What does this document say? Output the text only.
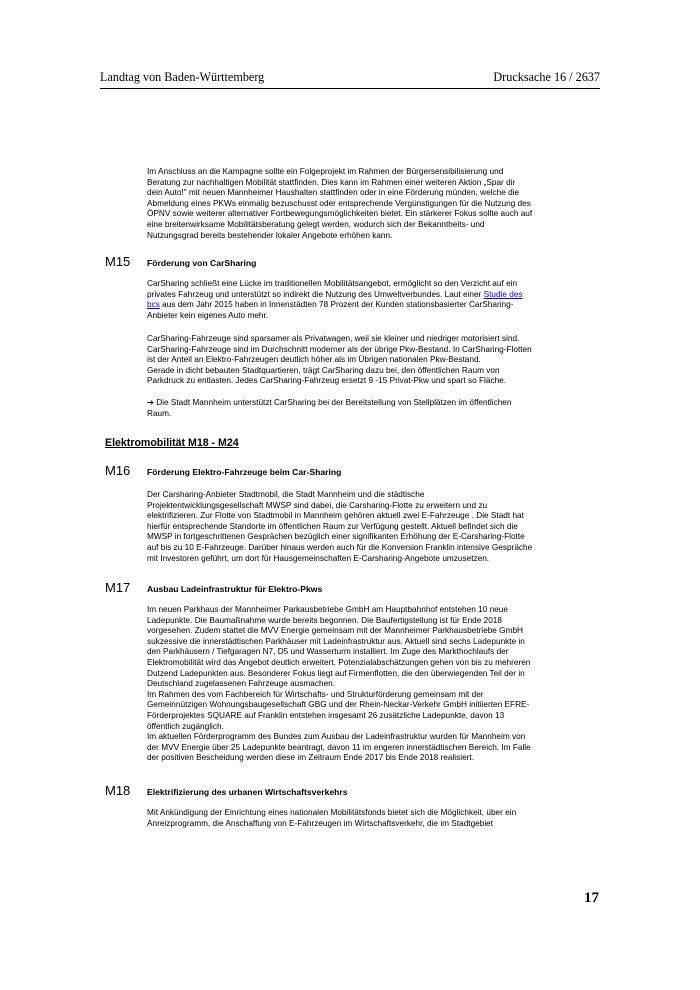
Landtag von Baden-Württemberg	Drucksache 16 / 2637

Im Anschluss an die Kampagne sollte ein Folgeprojekt im Rahmen der Bürgersensibilisierung und
Beratung zur nachhaltigen Mobilität stattfinden. Dies kann im Rahmen einer weiteren Aktion „Spar dir
dein Auto!" mit neuen Mannheimer Haushalten stattfinden oder in eine Förderung münden, welche die
Abmeldung eines PKWs einmalig bezuschusst oder entsprechende Vergünstigungen für die Nutzung des
ÖPNV sowie weiterer alternativer Fortbewegungsmöglichkeiten bietet. Ein stärkerer Fokus sollte auch auf
eine breitenwirksame Mobilitätsberatung gelegt werden, wodurch sich der Bekanntheits- und
Nutzungsgrad bereits bestehender lokaler Angebote erhöhen kann.

M15 Förderung von CarSharing

CarSharing schließt eine Lücke im traditionellen Mobilitätsangebot, ermöglicht so den Verzicht auf ein
privates Fahrzeug und unterstützt so indirekt die Nutzung des Umweltverbundes. Laut einer Studie des
bcs aus dem Jahr 2015 haben in Innenstädten 78 Prozent der Kunden stationsbasierter CarSharing-
Anbieter kein eigenes Auto mehr.

CarSharing-Fahrzeuge sind sparsamer als Privatwagen, weil sie kleiner und niedriger motorisiert sind.
CarSharing-Fahrzeuge sind im Durchschnitt moderner als der übrige Pkw-Bestand. In CarSharing-Flotten
ist der Anteil an Elektro-Fahrzeugen deutlich höher als im Übrigen nationalen Pkw-Bestand.
Gerade in dicht bebauten Stadtquartieren, trägt CarSharing dazu bei, den öffentlichen Raum von
Parkdruck zu entlasten. Jedes CarSharing-Fahrzeug ersetzt 9 -15 Privat-Pkw und spart so Fläche.

➔ Die Stadt Mannheim unterstützt CarSharing bei der Bereitstellung von Stellplätzen im öffentlichen
Raum.

Elektromobilität M18 - M24
M16 Förderung Elektro-Fahrzeuge beim Car-Sharing

Der Carsharing-Anbieter Stadtmobil, die Stadt Mannheim und die städtische
Projektentwicklungsgesellschaft MWSP sind dabei, die Carsharing-Flotte zu erweitern und zu
elektrifizieren. Zur Flotte von Stadtmobil in Mannheim gehören aktuell zwei E-Fahrzeuge . Die Stadt hat
hierfür entsprechende Standorte im öffentlichen Raum zur Verfügung gestellt. Aktuell befindet sich die
MWSP in fortgeschrittenen Gesprächen bezüglich einer signifikanten Erhöhung der E-Carsharing-Flotte
auf bis zu 10 E-Fahrzeuge. Darüber hinaus werden auch für die Konversion Franklin intensive Gespräche
mit Investoren geführt, um dort für Hausgemeinschaften E-Carsharing-Angebote umzusetzen.

M17 Ausbau Ladeinfrastruktur für Elektro-Pkws

Im neuen Parkhaus der Mannheimer Parkausbetriebe GmbH am Hauptbahnhof entstehen 10 neue
Ladepunkte. Die Baumaßnahme wurde bereits begonnen. Die Baufertigstellung ist für Ende 2018
vorgesehen. Zudem stattet die MVV Energie gemeinsam mit der Mannheimer Parkhausbetriebe GmbH
sukzessive die innerstädtischen Parkhäuser mit Ladeinfrastruktur aus. Aktuell sind sechs Ladepunkte in
den Parkhäusern / Tiefgaragen N7, D5 und Wasserturm installiert. Im Zuge des Markthochlaufs der
Elektromobilität wird das Angebot deutlich erweitert. Potenzialabschätzungen gehen von bis zu mehreren
Dutzend Ladepunkten aus. Besonderer Fokus liegt auf Firmenflotten, die den überwiegenden Teil der in
Deutschland zugelassenen Fahrzeuge ausmachen.
Im Rahmen des vom Fachbereich für Wirtschafts- und Strukturförderung gemeinsam mit der
Gemeinnützigen Wohnungsbaugesellschaft GBG und der Rhein-Neckar-Verkehr GmbH initiierten EFRE-
Förderprojektes SQUARE auf Franklin entstehen insgesamt 26 zusätzliche Ladepunkte, davon 13
öffentlich zugänglich.
Im aktuellen Förderprogramm des Bundes zum Ausbau der Ladeinfrastruktur wurden für Mannheim von
der MVV Energie über 25 Ladepunkte beantragt, davon 11 im engeren innerstädtischen Bereich. Im Falle
der positiven Bescheidung werden diese im Zeitraum Ende 2017 bis Ende 2018 realisiert.

M18 Elektrifizierung des urbanen Wirtschaftsverkehrs

Mit Ankündigung der Einrichtung eines nationalen Mobilitätsfonds bietet sich die Möglichkeit, über ein
Anreizprogramm, die Anschaffung von E-Fahrzeugen im Wirtschaftsverkehr, die im Stadtgebiet

17
